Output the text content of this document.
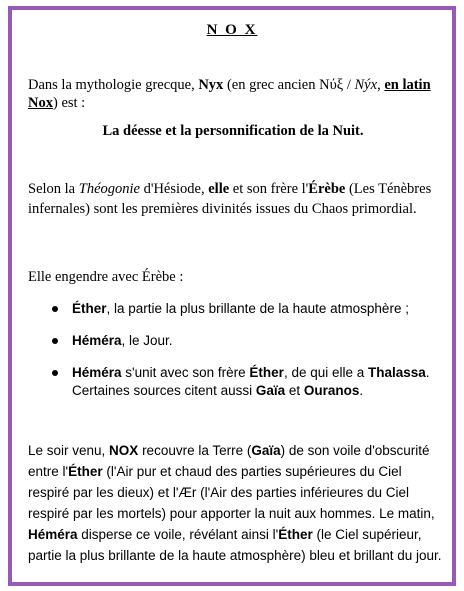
N O X
Dans la mythologie grecque, Nyx (en grec ancien Νύξ / Nýx, en latin Nox) est :
La déesse et la personnification de la Nuit.
Selon la Théogonie d'Hésiode, elle et son frère l'Érèbe (Les Ténèbres infernales) sont les premières divinités issues du Chaos primordial.
Elle engendre avec Érèbe :
Éther, la partie la plus brillante de la haute atmosphère ;
Héméra, le Jour.
Héméra s'unit avec son frère Éther, de qui elle a Thalassa. Certaines sources citent aussi Gaïa et Ouranos.
Le soir venu, NOX recouvre la Terre (Gaïa) de son voile d'obscurité entre l'Éther (l'Air pur et chaud des parties supérieures du Ciel respiré par les dieux) et l'Ær (l'Air des parties inférieures du Ciel respiré par les mortels) pour apporter la nuit aux hommes. Le matin, Héméra disperse ce voile, révélant ainsi l'Éther (le Ciel supérieur, partie la plus brillante de la haute atmosphère) bleu et brillant du jour.
